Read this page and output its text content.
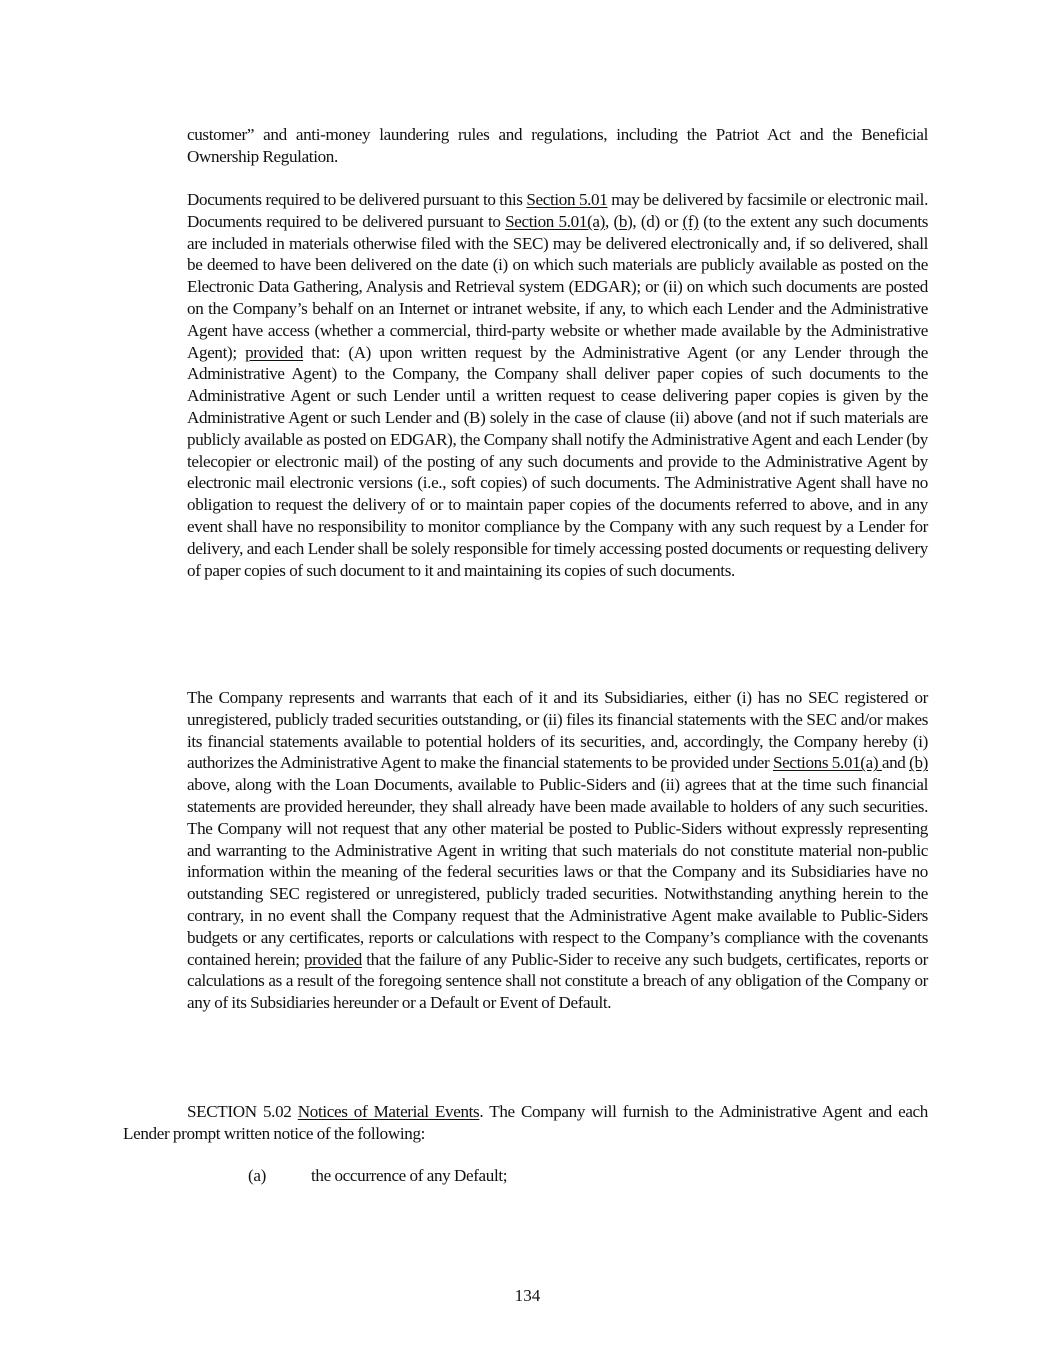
customer” and anti-money laundering rules and regulations, including the Patriot Act and the Beneficial Ownership Regulation.

Documents required to be delivered pursuant to this Section 5.01 may be delivered by facsimile or electronic mail. Documents required to be delivered pursuant to Section 5.01(a), (b), (d) or (f) (to the extent any such documents are included in materials otherwise filed with the SEC) may be delivered electronically and, if so delivered, shall be deemed to have been delivered on the date (i) on which such materials are publicly available as posted on the Electronic Data Gathering, Analysis and Retrieval system (EDGAR); or (ii) on which such documents are posted on the Company’s behalf on an Internet or intranet website, if any, to which each Lender and the Administrative Agent have access (whether a commercial, third-party website or whether made available by the Administrative Agent); provided that: (A) upon written request by the Administrative Agent (or any Lender through the Administrative Agent) to the Company, the Company shall deliver paper copies of such documents to the Administrative Agent or such Lender until a written request to cease delivering paper copies is given by the Administrative Agent or such Lender and (B) solely in the case of clause (ii) above (and not if such materials are publicly available as posted on EDGAR), the Company shall notify the Administrative Agent and each Lender (by telecopier or electronic mail) of the posting of any such documents and provide to the Administrative Agent by electronic mail electronic versions (i.e., soft copies) of such documents. The Administrative Agent shall have no obligation to request the delivery of or to maintain paper copies of the documents referred to above, and in any event shall have no responsibility to monitor compliance by the Company with any such request by a Lender for delivery, and each Lender shall be solely responsible for timely accessing posted documents or requesting delivery of paper copies of such document to it and maintaining its copies of such documents.

The Company represents and warrants that each of it and its Subsidiaries, either (i) has no SEC registered or unregistered, publicly traded securities outstanding, or (ii) files its financial statements with the SEC and/or makes its financial statements available to potential holders of its securities, and, accordingly, the Company hereby (i) authorizes the Administrative Agent to make the financial statements to be provided under Sections 5.01(a) and (b) above, along with the Loan Documents, available to Public-Siders and (ii) agrees that at the time such financial statements are provided hereunder, they shall already have been made available to holders of any such securities. The Company will not request that any other material be posted to Public-Siders without expressly representing and warranting to the Administrative Agent in writing that such materials do not constitute material non-public information within the meaning of the federal securities laws or that the Company and its Subsidiaries have no outstanding SEC registered or unregistered, publicly traded securities. Notwithstanding anything herein to the contrary, in no event shall the Company request that the Administrative Agent make available to Public-Siders budgets or any certificates, reports or calculations with respect to the Company’s compliance with the covenants contained herein; provided that the failure of any Public-Sider to receive any such budgets, certificates, reports or calculations as a result of the foregoing sentence shall not constitute a breach of any obligation of the Company or any of its Subsidiaries hereunder or a Default or Event of Default.

SECTION 5.02 Notices of Material Events. The Company will furnish to the Administrative Agent and each Lender prompt written notice of the following:

(a)	the occurrence of any Default;

134
